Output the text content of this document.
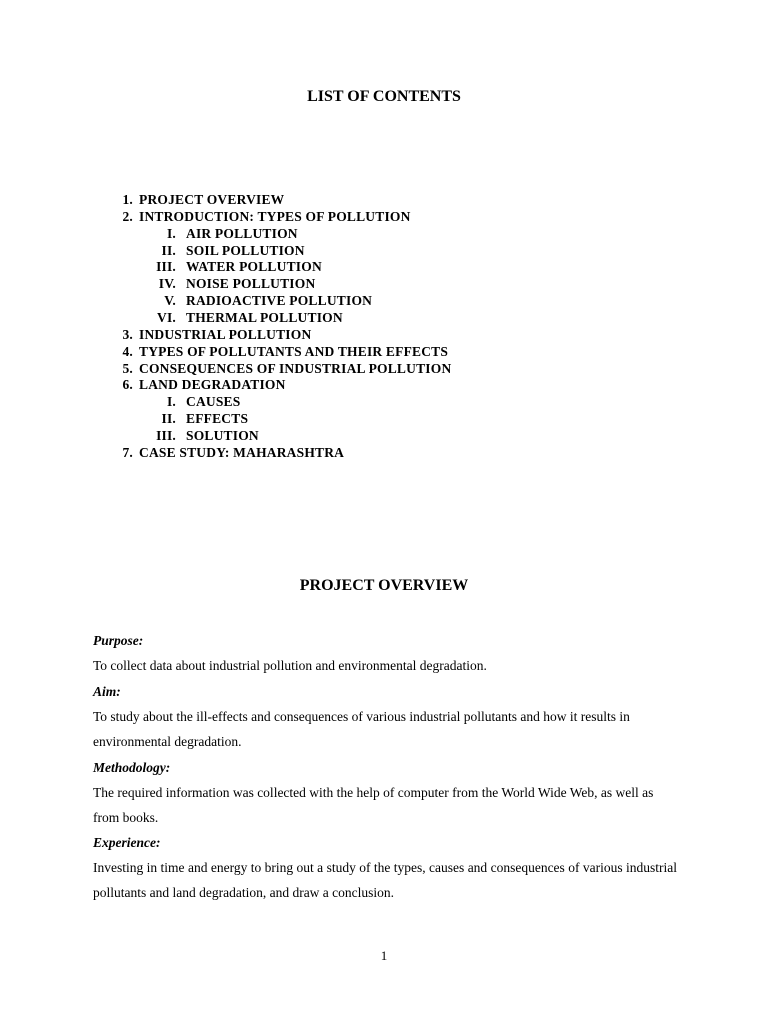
LIST OF CONTENTS
1. PROJECT OVERVIEW
2. INTRODUCTION: TYPES OF POLLUTION
I. AIR POLLUTION
II. SOIL POLLUTION
III. WATER POLLUTION
IV. NOISE POLLUTION
V. RADIOACTIVE POLLUTION
VI. THERMAL POLLUTION
3. INDUSTRIAL POLLUTION
4. TYPES OF POLLUTANTS AND THEIR EFFECTS
5. CONSEQUENCES OF INDUSTRIAL POLLUTION
6. LAND DEGRADATION
I. CAUSES
II. EFFECTS
III. SOLUTION
7. CASE STUDY: MAHARASHTRA
PROJECT OVERVIEW
Purpose:
To collect data about industrial pollution and environmental degradation.
Aim:
To study about the ill-effects and consequences of various industrial pollutants and how it results in environmental degradation.
Methodology:
The required information was collected with the help of computer from the World Wide Web, as well as from books.
Experience:
Investing in time and energy to bring out a study of the types, causes and consequences of various industrial pollutants and land degradation, and draw a conclusion.
1
